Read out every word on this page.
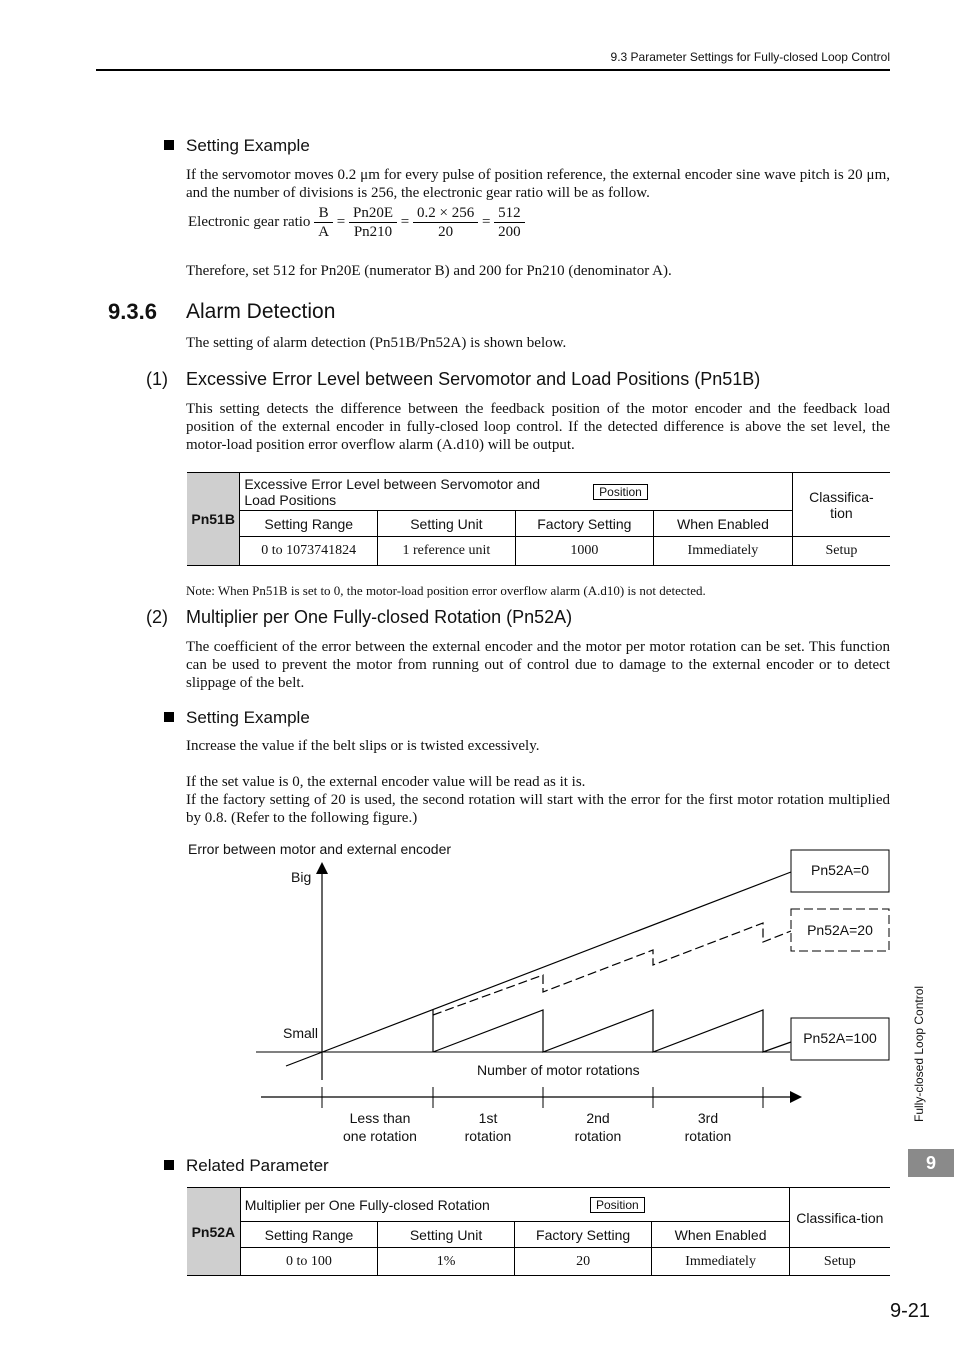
9.3 Parameter Settings for Fully-closed Loop Control
Setting Example
If the servomotor moves 0.2 μm for every pulse of position reference, the external encoder sine wave pitch is 20 μm, and the number of divisions is 256, the electronic gear ratio will be as follow.
Electronic gear ratio $\frac{B}{A} = \frac{Pn20E}{Pn210} = \frac{0.2 \times 256}{20} = \frac{512}{200}$
Therefore, set 512 for Pn20E (numerator B) and 200 for Pn210 (denominator A).
9.3.6 Alarm Detection
The setting of alarm detection (Pn51B/Pn52A) is shown below.
(1) Excessive Error Level between Servomotor and Load Positions (Pn51B)
This setting detects the difference between the feedback position of the motor encoder and the feedback load position of the external encoder in fully-closed loop control. If the detected difference is above the set level, the motor-load position error overflow alarm (A.d10) will be output.
Pn51B	Excessive Error Level between Servomotor and Load Positions Position				Classifica-tion
	Setting Range	Setting Unit	Factory Setting	When Enabled	
	0 to 1073741824	1 reference unit	1000	Immediately	Setup
Note: When Pn51B is set to 0, the motor-load position error overflow alarm (A.d10) is not detected.
(2) Multiplier per One Fully-closed Rotation (Pn52A)
The coefficient of the error between the external encoder and the motor per motor rotation can be set. This function can be used to prevent the motor from running out of control due to damage to the external encoder or to detect slippage of the belt.
Setting Example
Increase the value if the belt slips or is twisted excessively.
If the set value is 0, the external encoder value will be read as it is.
If the factory setting of 20 is used, the second rotation will start with the error for the first motor rotation multiplied by 0.8. (Refer to the following figure.)
Error between motor and external encoder
Big
Small
Number of motor rotations
Less than
one rotation
1st
rotation
2nd
rotation
3rd
rotation
Pn52A=0
Pn52A=20
Pn52A=100
Related Parameter
Pn52A	Multiplier per One Fully-closed Rotation Position				Classifica-tion
	Setting Range	Setting Unit	Factory Setting	When Enabled	
	0 to 100	1%	20	Immediately	Setup
Fully-closed Loop Control
9
9-21
